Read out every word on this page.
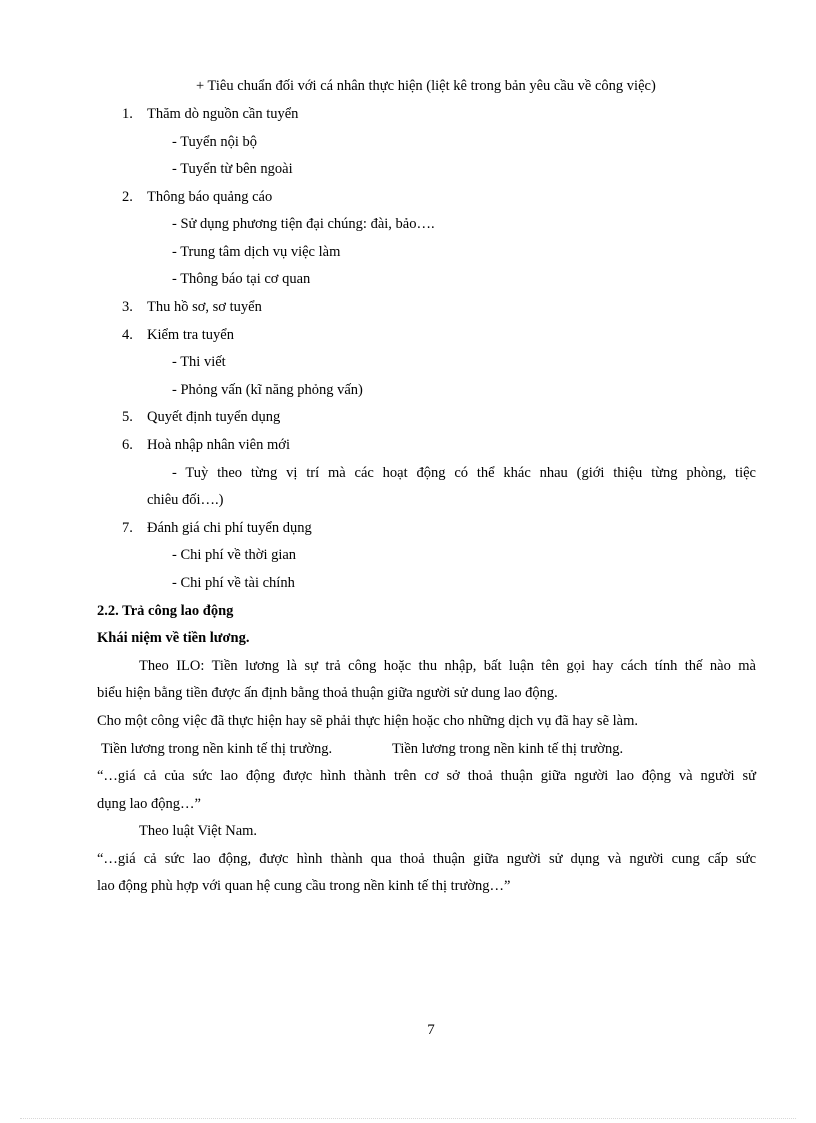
+ Tiêu chuẩn đối với cá nhân thực hiện (liệt kê trong bản yêu cầu về công việc)
1. Thăm dò nguồn cần tuyển
- Tuyển nội bộ
- Tuyển từ bên ngoài
2. Thông báo quảng cáo
- Sử dụng phương tiện đại chúng: đài, bảo….
- Trung tâm dịch vụ việc làm
- Thông báo tại cơ quan
3. Thu hồ sơ, sơ tuyển
4. Kiểm tra tuyển
- Thi viết
- Phỏng vấn (kĩ năng phỏng vấn)
5. Quyết định tuyển dụng
6. Hoà nhập nhân viên mới
- Tuỳ theo từng vị trí mà các hoạt động có thể khác nhau (giới thiệu từng phòng, tiệc
chiêu đối….)
7. Đánh giá chi phí tuyển dụng
- Chi phí về thời gian
- Chi phí về tài chính
2.2. Trả công lao động
Khái niệm về tiền lương.
Theo ILO: Tiền lương là sự trả công hoặc thu nhập, bất luận tên gọi hay cách tính thế nào mà
biểu hiện bằng tiền được ấn định bằng thoả thuận giữa người sử dung lao động.
Cho một công việc đã thực hiện hay sẽ phải thực hiện hoặc cho những dịch vụ đã hay sẽ làm.
Tiền lương trong nền kinh tế thị trường.	Tiền lương trong nền kinh tế thị trường.
“…giá cả của sức lao động được hình thành trên cơ sở thoả thuận giữa người lao động và người sử
dụng lao động…”
Theo luật Việt Nam.
“…giá cả sức lao động, được hình thành qua thoả thuận giữa người sử dụng và người cung cấp sức
lao động phù hợp với quan hệ cung cầu trong nền kinh tế thị trường…”
7
